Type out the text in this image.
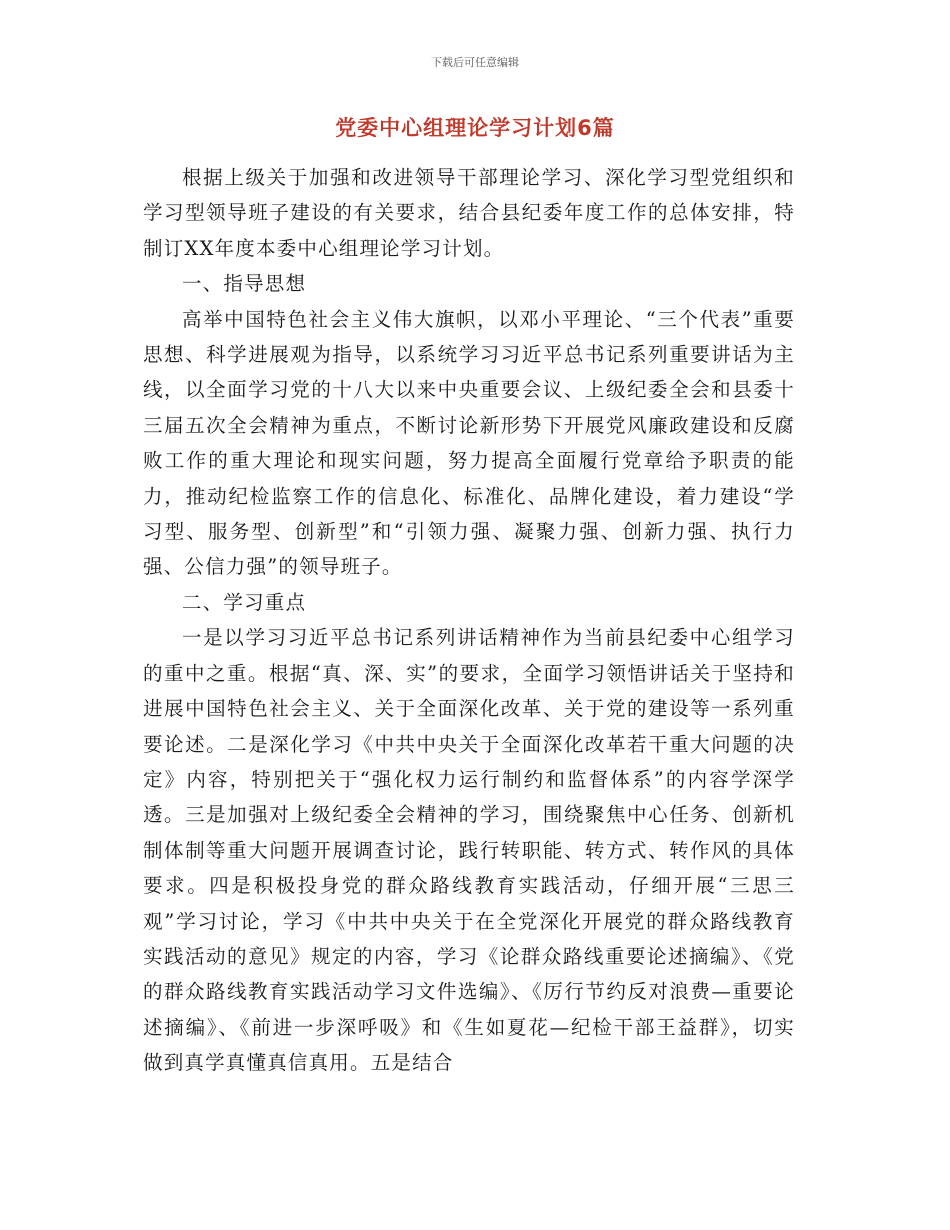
下载后可任意编辑
党委中心组理论学习计划6篇

根据上级关于加强和改进领导干部理论学习、深化学习型党组织和学习型领导班子建设的有关要求，结合县纪委年度工作的总体安排，特制订XX年度本委中心组理论学习计划。

一、指导思想

高举中国特色社会主义伟大旗帜，以邓小平理论、“三个代表”重要思想、科学进展观为指导，以系统学习习近平总书记系列重要讲话为主线，以全面学习党的十八大以来中央重要会议、上级纪委全会和县委十三届五次全会精神为重点，不断讨论新形势下开展党风廉政建设和反腐败工作的重大理论和现实问题，努力提高全面履行党章给予职责的能力，推动纪检监察工作的信息化、标准化、品牌化建设，着力建设“学习型、服务型、创新型”和“引领力强、凝聚力强、创新力强、执行力强、公信力强”的领导班子。

二、学习重点

一是以学习习近平总书记系列讲话精神作为当前县纪委中心组学习的重中之重。根据“真、深、实”的要求，全面学习领悟讲话关于坚持和进展中国特色社会主义、关于全面深化改革、关于党的建设等一系列重要论述。二是深化学习《中共中央关于全面深化改革若干重大问题的决定》内容，特别把关于“强化权力运行制约和监督体系”的内容学深学透。三是加强对上级纪委全会精神的学习，围绕聚焦中心任务、创新机制体制等重大问题开展调查讨论，践行转职能、转方式、转作风的具体要求。四是积极投身党的群众路线教育实践活动，仔细开展“三思三观”学习讨论，学习《中共中央关于在全党深化开展党的群众路线教育实践活动的意见》规定的内容，学习《论群众路线重要论述摘编》、《党的群众路线教育实践活动学习文件选编》、《厉行节约反对浪费—重要论述摘编》、《前进一步深呼吸》和《生如夏花—纪检干部王益群》，切实做到真学真懂真信真用。五是结合
